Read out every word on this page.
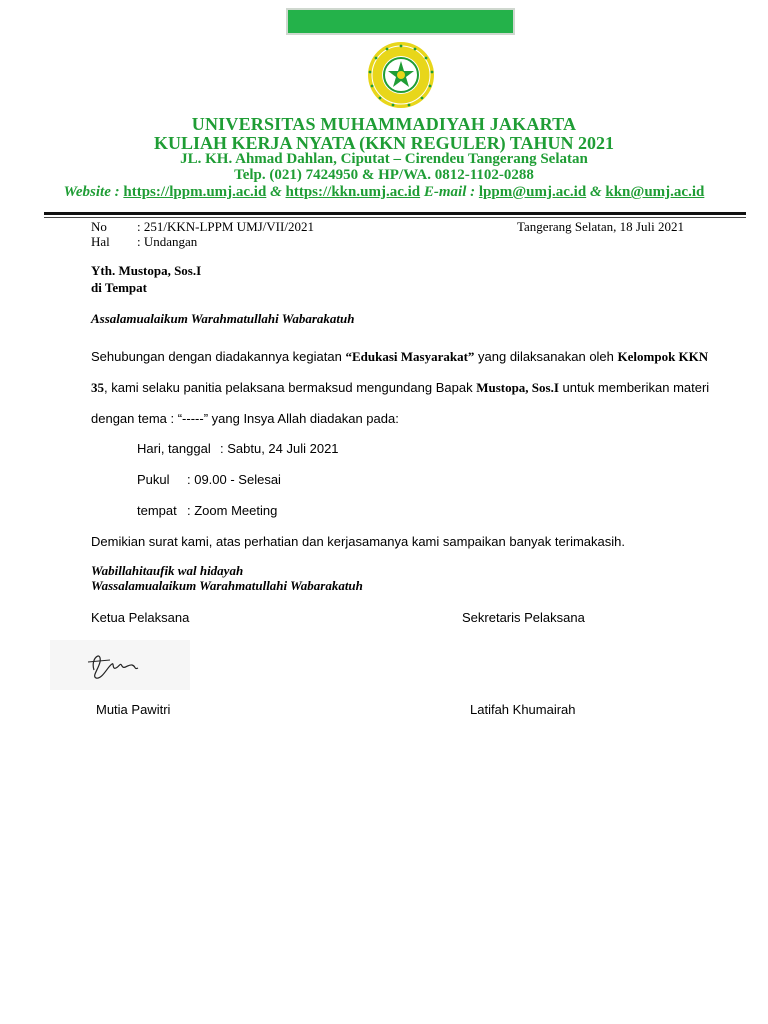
UNIVERSITAS MUHAMMADIYAH JAKARTA
KULIAH KERJA NYATA (KKN REGULER) TAHUN 2021
JL. KH. Ahmad Dahlan, Ciputat – Cirendeu Tangerang Selatan
Telp. (021) 7424950 & HP/WA. 0812-1102-0288
Website : https://lppm.umj.ac.id & https://kkn.umj.ac.id E-mail : lppm@umj.ac.id & kkn@umj.ac.id
No : 251/KKN-LPPM UMJ/VII/2021	Tangerang Selatan, 18 Juli 2021
Hal : Undangan
Yth. Mustopa, Sos.I
di Tempat
Assalamualaikum Warahmatullahi Wabarakatuh
Sehubungan dengan diadakannya kegiatan “Edukasi Masyarakat” yang dilaksanakan oleh Kelompok KKN
35, kami selaku panitia pelaksana bermaksud mengundang Bapak Mustopa, Sos.I untuk memberikan materi
dengan tema : “-----” yang Insya Allah diadakan pada:
Hari, tanggal : Sabtu, 24 Juli 2021
Pukul : 09.00 - Selesai
tempat : Zoom Meeting
Demikian surat kami, atas perhatian dan kerjasamanya kami sampaikan banyak terimakasih.
Wabillahitaufik wal hidayah
Wassalamualaikum Warahmatullahi Wabarakatuh
Ketua Pelaksana	Sekretaris Pelaksana
Mutia Pawitri	Latifah Khumairah
